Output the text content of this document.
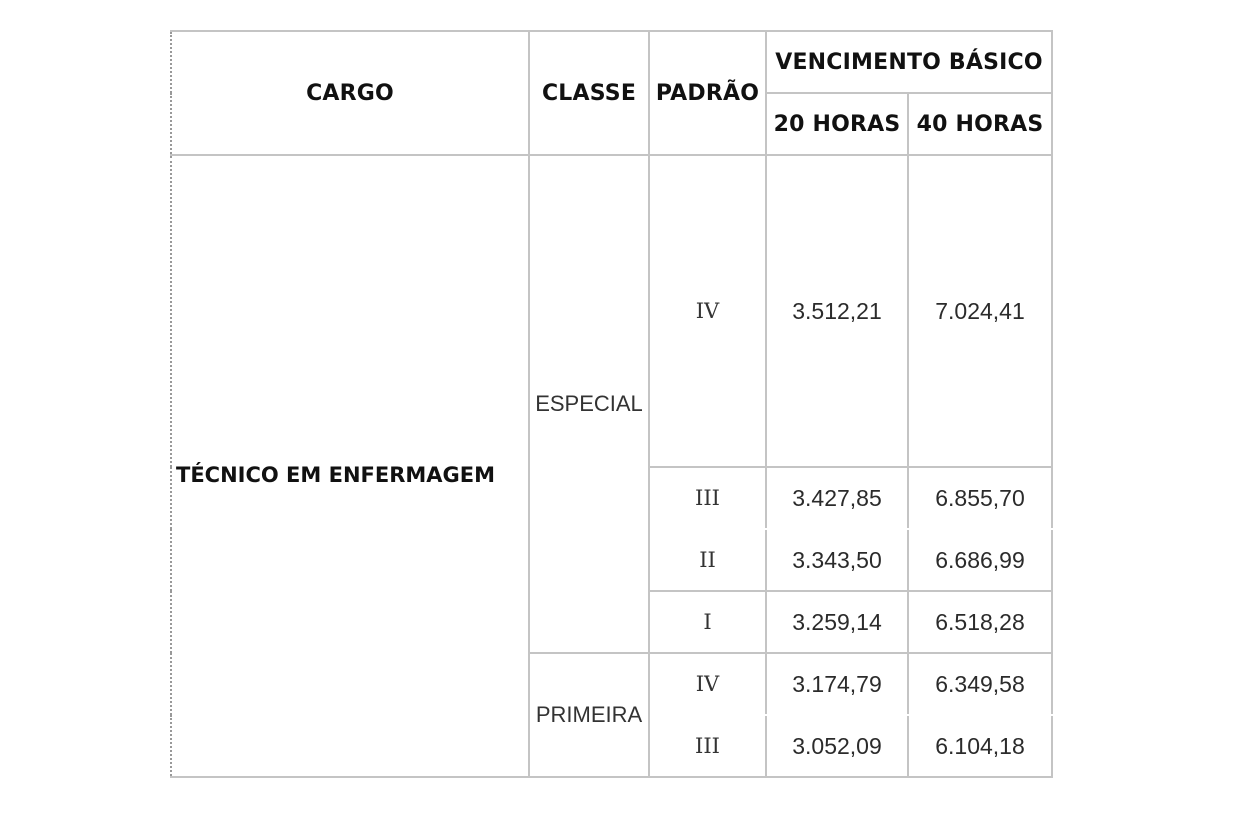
CARGO	CLASSE	PADRÃO	VENCIMENTO BÁSICO	
			20 HORAS	40 HORAS
TÉCNICO EM ENFERMAGEM	ESPECIAL	IV	3.512,21	7.024,41
		III	3.427,85	6.855,70
		II	3.343,50	6.686,99
		I	3.259,14	6.518,28
	PRIMEIRA	IV	3.174,79	6.349,58
		III	3.052,09	6.104,18
